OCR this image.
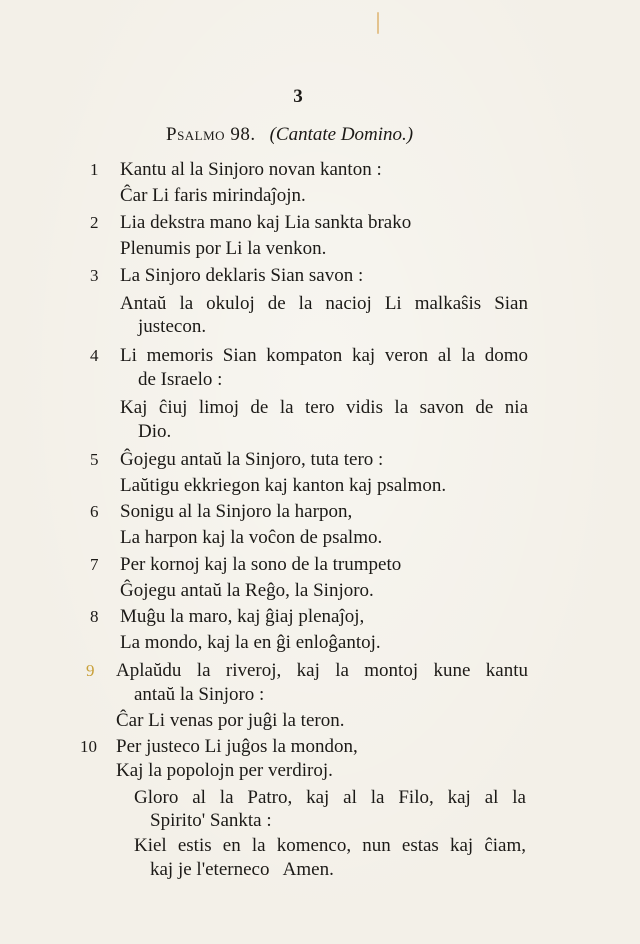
3
Psalmo 98. (Cantate Domino.)
1 Kantu al la Sinjoro novan kanton :
Ĉar Li faris mirindaĵojn.
2 Lia dekstra mano kaj Lia sankta brako
Plenumis por Li la venkon.
3 La Sinjoro deklaris Sian savon :
Antaŭ la okuloj de la nacioj Li malkaŝis Sian
justecon.
4 Li memoris Sian kompaton kaj veron al la domo
de Israelo :
Kaj ĉiuj limoj de la tero vidis la savon de nia
Dio.
5 Ĝojegu antaŭ la Sinjoro, tuta tero :
Laŭtigu ekkriegon kaj kanton kaj psalmon.
6 Sonigu al la Sinjoro la harpon,
La harpon kaj la voĉon de psalmo.
7 Per kornoj kaj la sono de la trumpeto
Ĝojegu antaŭ la Reĝo, la Sinjoro.
8 Muĝu la maro, kaj ĝiaj plenaĵoj,
La mondo, kaj la en ĝi enloĝantoj.
9 Aplaŭdu la riveroj, kaj la montoj kune kantu
antaŭ la Sinjoro :
Ĉar Li venas por juĝi la teron.
10 Per justeco Li juĝos la mondon,
Kaj la popolojn per verdiroj.
Gloro al la Patro, kaj al la Filo, kaj al la
Spirito' Sankta :
Kiel estis en la komenco, nun estas kaj ĉiam,
kaj je l'eterneco   Amen.
